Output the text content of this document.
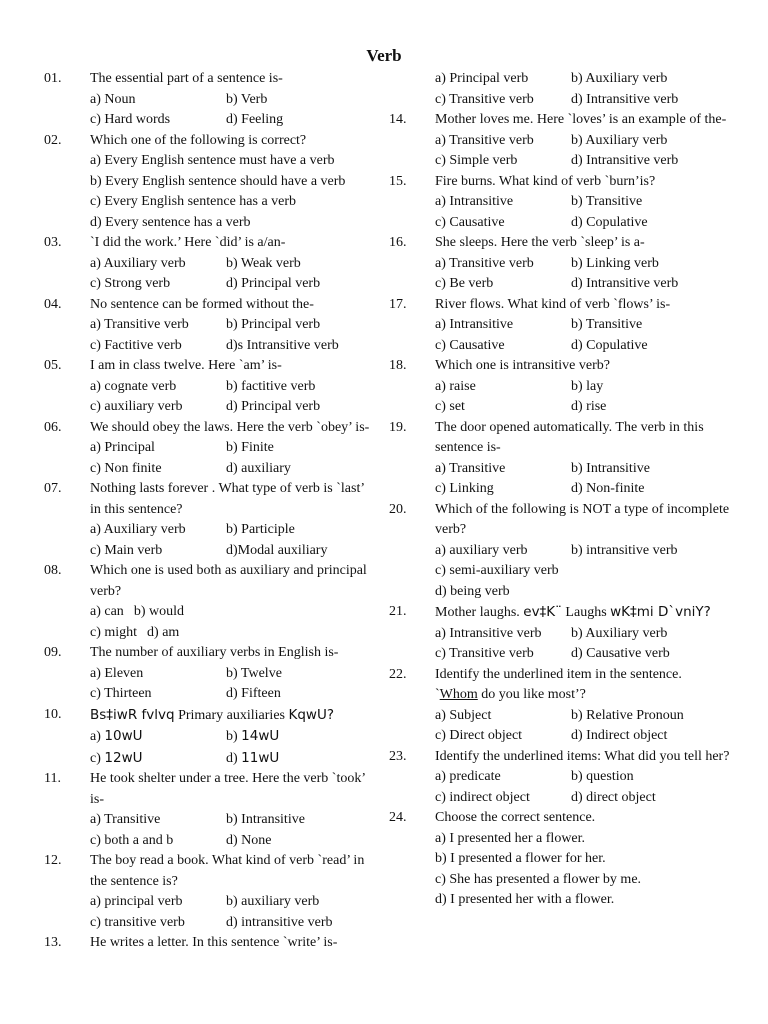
Verb
01. The essential part of a sentence is-
a) Noun	b) Verb
c) Hard words	d) Feeling
02. Which one of the following is correct?
a) Every English sentence must have a verb
b) Every English sentence should have a verb
c) Every English sentence has a verb
d) Every sentence has a verb
03. `I did the work.’ Here `did’ is a/an-
a) Auxiliary verb	b) Weak verb
c) Strong verb	d) Principal verb
04. No sentence can be formed without the-
a) Transitive verb	b) Principal verb
c) Factitive verb	d)s Intransitive verb
05. I am in class twelve. Here `am’ is-
a) cognate verb	b) factitive verb
c) auxiliary verb	d) Principal verb
06. We should obey the laws. Here the verb `obey’ is-
a) Principal	b) Finite
c) Non finite	d) auxiliary
07. Nothing lasts forever . What type of verb is `last’ in this sentence?
a) Auxiliary verb	b) Participle
c) Main verb	d)Modal auxiliary
08. Which one is used both as auxiliary and principal verb?
a) can b) would
c) might d) am
09. The number of auxiliary verbs in English is-
a) Eleven	b) Twelve
c) Thirteen	d) Fifteen
10. Bs‡iwR fvlvq Primary auxiliaries KqwU?
a) 10wU	b) 14wU
c) 12wU	d) 11wU
11. He took shelter under a tree. Here the verb `took’ is-
a) Transitive	b) Intransitive
c) both a and b	d) None
12. The boy read a book. What kind of verb `read’ in the sentence is?
a) principal verb	b) auxiliary verb
c) transitive verb	d) intransitive verb
13. He writes a letter. In this sentence `write’ is-
a) Principal verb	b) Auxiliary verb
c) Transitive verb	d) Intransitive verb
14. Mother loves me. Here `loves’ is an example of the-
a) Transitive verb	b) Auxiliary verb
c) Simple verb	d) Intransitive verb
15. Fire burns. What kind of verb `burn’is?
a) Intransitive	b) Transitive
c) Causative	d) Copulative
16. She sleeps. Here the verb `sleep’ is a-
a) Transitive verb	b) Linking verb
c) Be verb	d) Intransitive verb
17. River flows. What kind of verb `flows’ is-
a) Intransitive	b) Transitive
c) Causative	d) Copulative
18. Which one is intransitive verb?
a) raise	b) lay
c) set	d) rise
19. The door opened automatically. The verb in this sentence is-
a) Transitive	b) Intransitive
c) Linking	d) Non-finite
20. Which of the following is NOT a type of incomplete verb?
a) auxiliary verb	b) intransitive verb
c) semi-auxiliary verb
d) being verb
21. Mother laughs. ev‡K¨ Laughs wK‡mi D`vniY?
a) Intransitive verb	b) Auxiliary verb
c) Transitive verb	d) Causative verb
22. Identify the underlined item in the sentence.
`Whom do you like most’?
a) Subject	b) Relative Pronoun
c) Direct object	d) Indirect object
23. Identify the underlined items: What did you tell her?
a) predicate	b) question
c) indirect object	d) direct object
24. Choose the correct sentence.
a) I presented her a flower.
b) I presented a flower for her.
c) She has presented a flower by me.
d) I presented her with a flower.
